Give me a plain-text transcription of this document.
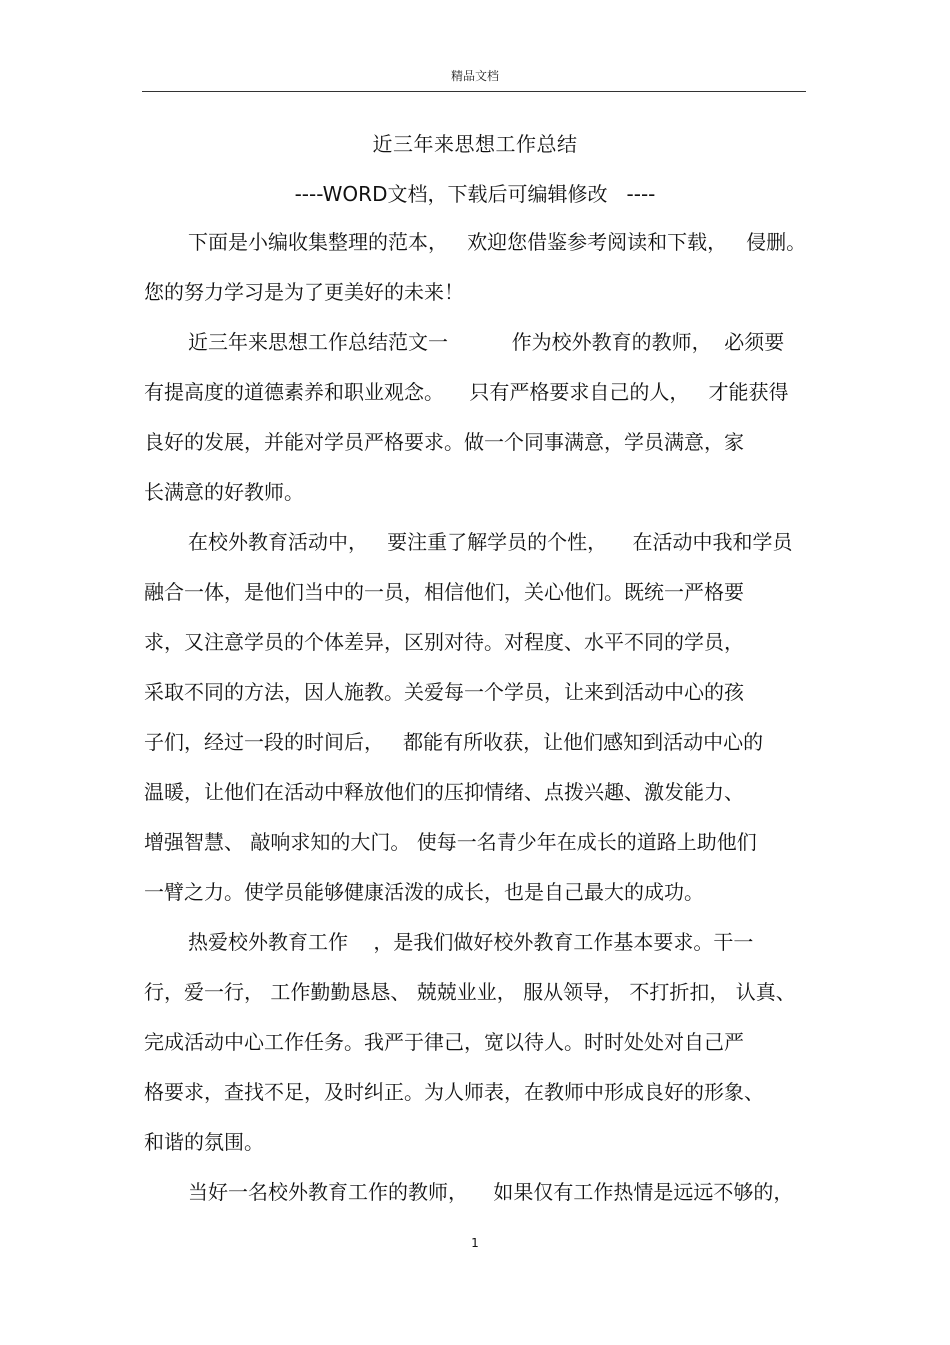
精品文档
近三年来思想工作总结
----WORD文档，下载后可编辑修改   ----
下面是小编收集整理的范本，   欢迎您借鉴参考阅读和下载，   侵删。
您的努力学习是为了更美好的未来！
近三年来思想工作总结范文一          作为校外教育的教师，  必须要
有提高度的道德素养和职业观念。    只有严格要求自己的人，   才能获得
良好的发展，并能对学员严格要求。做一个同事满意，学员满意，家
长满意的好教师。
在校外教育活动中，   要注重了解学员的个性，    在活动中我和学员
融合一体，是他们当中的一员，相信他们，关心他们。既统一严格要
求，又注意学员的个体差异，区别对待。对程度、水平不同的学员，
采取不同的方法，因人施教。关爱每一个学员，让来到活动中心的孩
子们，经过一段的时间后，   都能有所收获，让他们感知到活动中心的
温暖，让他们在活动中释放他们的压抑情绪、点拨兴趣、激发能力、
增强智慧、 敲响求知的大门。 使每一名青少年在成长的道路上助他们
一臂之力。使学员能够健康活泼的成长，也是自己最大的成功。
热爱校外教育工作    ，是我们做好校外教育工作基本要求。干一
行，爱一行， 工作勤勤恳恳、 兢兢业业， 服从领导， 不打折扣， 认真、
完成活动中心工作任务。我严于律己，宽以待人。时时处处对自己严
格要求，查找不足，及时纠正。为人师表，在教师中形成良好的形象、
和谐的氛围。
当好一名校外教育工作的教师，    如果仅有工作热情是远远不够的，
1
